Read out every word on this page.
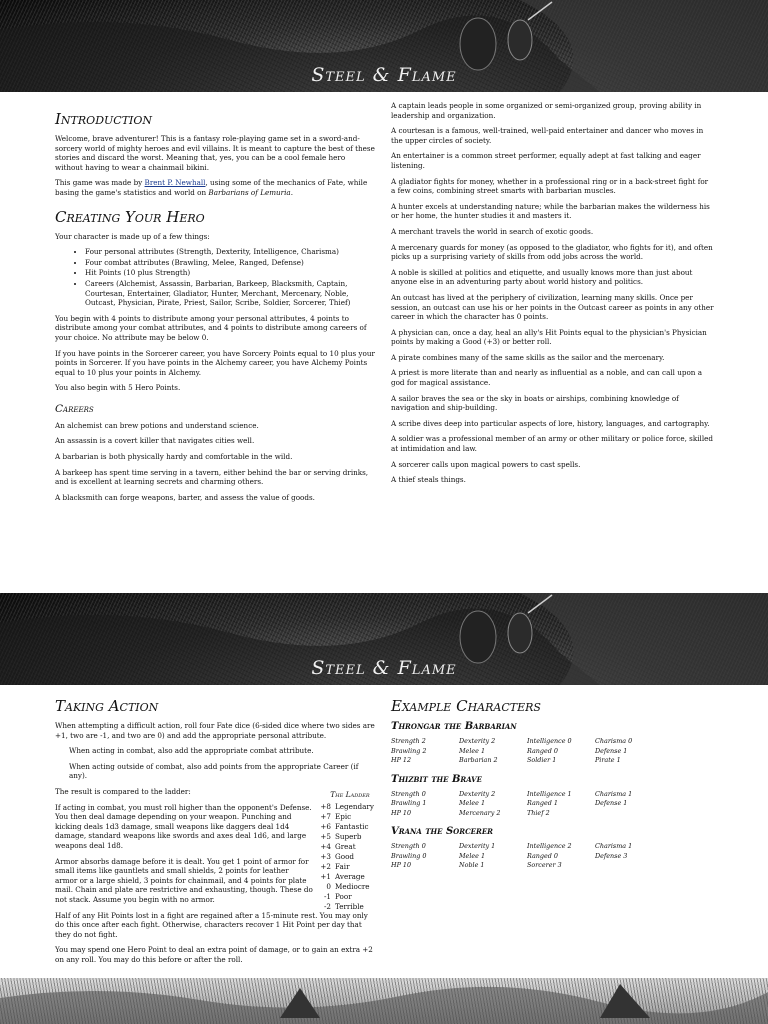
Steel & Flame
Introduction

Welcome, brave adventurer! This is a fantasy role-playing game set in a sword-and-sorcery world of mighty heroes and evil villains. It is meant to capture the best of these stories and discard the worst. Meaning that, yes, you can be a cool female hero without having to wear a chainmail bikini.

This game was made by Brent P. Newhall, using some of the mechanics of Fate, while basing the game's statistics and world on Barbarians of Lemuria.

Creating Your Hero

Your character is made up of a few things:

• Four personal attributes (Strength, Dexterity, Intelligence, Charisma)
• Four combat attributes (Brawling, Melee, Ranged, Defense)
• Hit Points (10 plus Strength)
• Careers (Alchemist, Assassin, Barbarian, Barkeep, Blacksmith, Captain, Courtesan, Entertainer, Gladiator, Hunter, Merchant, Mercenary, Noble, Outcast, Physician, Pirate, Priest, Sailor, Scribe, Soldier, Sorcerer, Thief)

You begin with 4 points to distribute among your personal attributes, 4 points to distribute among your combat attributes, and 4 points to distribute among careers of your choice. No attribute may be below 0.

If you have points in the Sorcerer career, you have Sorcery Points equal to 10 plus your points in Sorcerer. If you have points in the Alchemy career, you have Alchemy Points equal to 10 plus your points in Alchemy.

You also begin with 5 Hero Points.

Careers

An alchemist can brew potions and understand science.

An assassin is a covert killer that navigates cities well.

A barbarian is both physically hardy and comfortable in the wild.

A barkeep has spent time serving in a tavern, either behind the bar or serving drinks, and is excellent at learning secrets and charming others.

A blacksmith can forge weapons, barter, and assess the value of goods.

A captain leads people in some organized or semi-organized group, proving ability in leadership and organization.

A courtesan is a famous, well-trained, well-paid entertainer and dancer who moves in the upper circles of society.

An entertainer is a common street performer, equally adept at fast talking and eager listening.

A gladiator fights for money, whether in a professional ring or in a back-street fight for a few coins, combining street smarts with barbarian muscles.

A hunter excels at understanding nature; while the barbarian makes the wilderness his or her home, the hunter studies it and masters it.

A merchant travels the world in search of exotic goods.

A mercenary guards for money (as opposed to the gladiator, who fights for it), and often picks up a surprising variety of skills from odd jobs across the world.

A noble is skilled at politics and etiquette, and usually knows more than just about anyone else in an adventuring party about world history and politics.

An outcast has lived at the periphery of civilization, learning many skills. Once per session, an outcast can use his or her points in the Outcast career as points in any other career in which the character has 0 points.

A physician can, once a day, heal an ally's Hit Points equal to the physician's Physician points by making a Good (+3) or better roll.

A pirate combines many of the same skills as the sailor and the mercenary.

A priest is more literate than and nearly as influential as a noble, and can call upon a god for magical assistance.

A sailor braves the sea or the sky in boats or airships, combining knowledge of navigation and ship-building.

A scribe dives deep into particular aspects of lore, history, languages, and cartography.

A soldier was a professional member of an army or other military or police force, skilled at intimidation and law.

A sorcerer calls upon magical powers to cast spells.

A thief steals things.

Steel & Flame
Taking Action

When attempting a difficult action, roll four Fate dice (6-sided dice where two sides are +1, two are -1, and two are 0) and add the appropriate personal attribute.

When acting in combat, also add the appropriate combat attribute.

When acting outside of combat, also add points from the appropriate Career (if any).

The result is compared to the ladder:

If acting in combat, you must roll higher than the opponent's Defense. You then deal damage depending on your weapon. Punching and kicking deals 1d3 damage, small weapons like daggers deal 1d4 damage, standard weapons like swords and axes deal 1d6, and large weapons deal 1d8.

Armor absorbs damage before it is dealt. You get 1 point of armor for small items like gauntlets and small shields, 2 points for leather armor or a large shield, 3 points for chainmail, and 4 points for plate mail. Chain and plate are restrictive and exhausting, though. These do not stack. Assume you begin with no armor.

Half of any Hit Points lost in a fight are regained after a 15-minute rest. You may only do this once after each fight. Otherwise, characters recover 1 Hit Point per day that they do not fight.

You may spend one Hero Point to deal an extra point of damage, or to gain an extra +2 on any roll. You may do this before or after the roll.

The Ladder
+8 Legendary
+7 Epic
+6 Fantastic
+5 Superb
+4 Great
+3 Good
+2 Fair
+1 Average
0 Mediocre
-1 Poor
-2 Terrible
Example Characters
Throngar the Barbarian
Strength 2	Dexterity 2	Intelligence 0	Charisma 0
Brawling 2	Melee 1	Ranged 0	Defense 1
HP 12	Barbarian 2	Soldier 1	Pirate 1
Thizbit the Brave
Strength 0	Dexterity 2	Intelligence 1	Charisma 1
Brawling 1	Melee 1	Ranged 1	Defense 1
HP 10	Mercenary 2	Thief 2
Vrana the Sorcerer
Strength 0	Dexterity 1	Intelligence 2	Charisma 1
Brawling 0	Melee 1	Ranged 0	Defense 3
HP 10	Noble 1	Sorcerer 3
